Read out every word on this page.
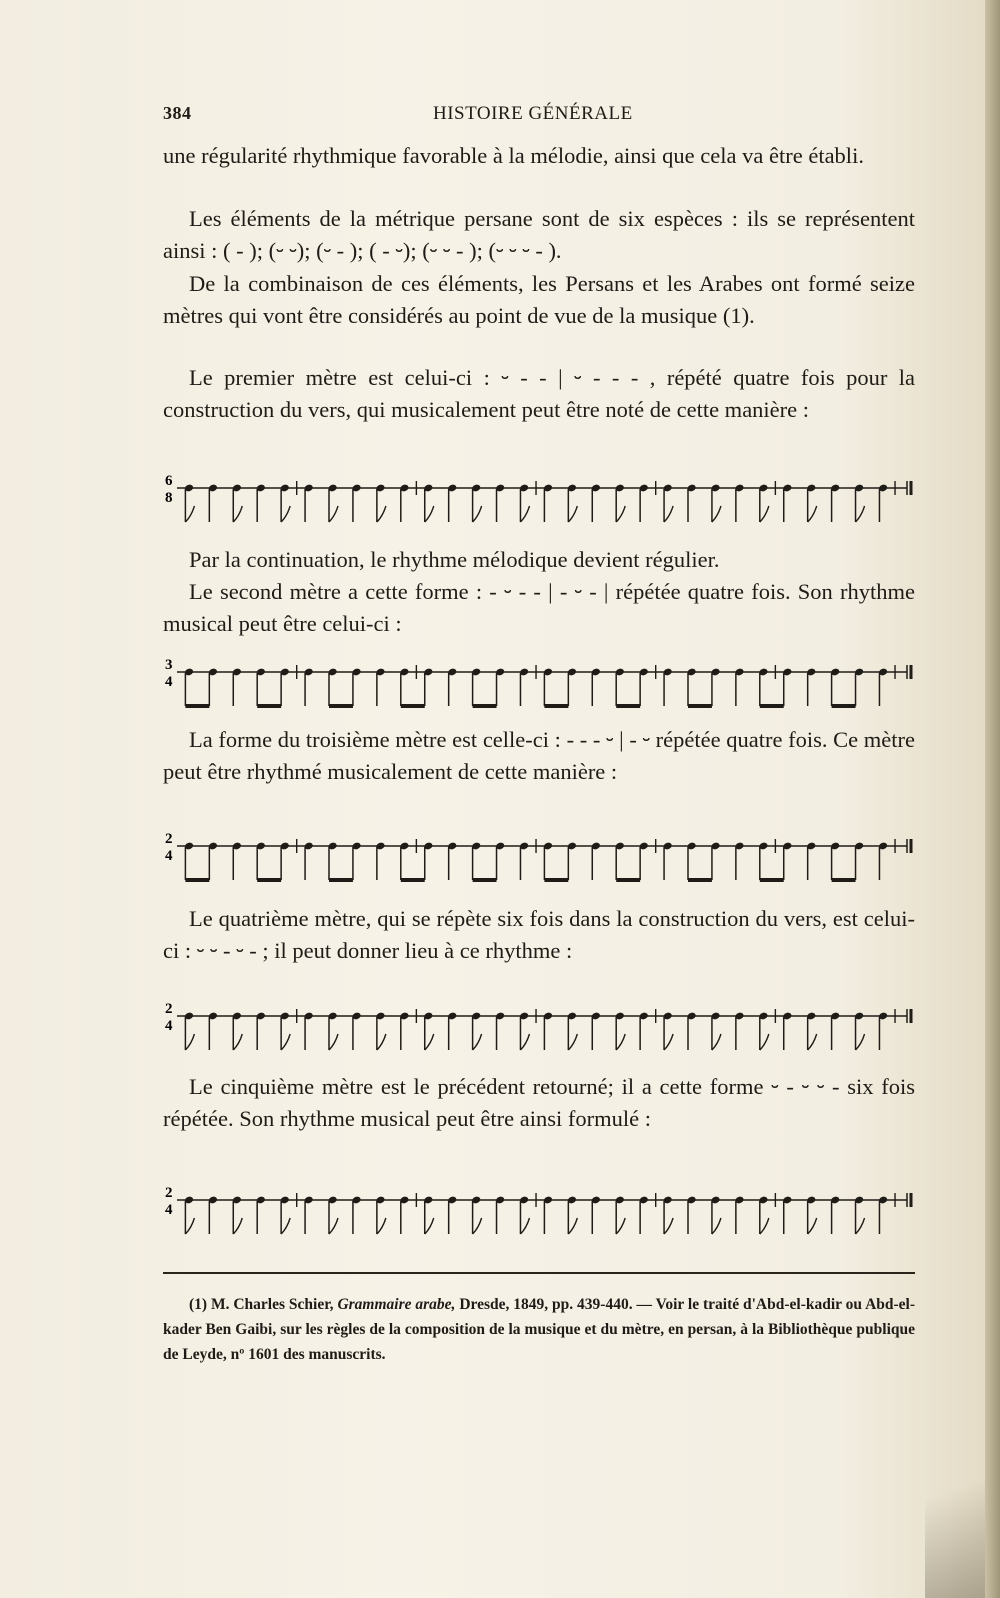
384	HISTOIRE GÉNÉRALE

une régularité rhythmique favorable à la mélodie, ainsi que cela va être établi.

Les éléments de la métrique persane sont de six espèces : ils se représentent ainsi : ( - ); (⏑ ⏑); (⏑ - ); ( - ⏑); (⏑ ⏑ - ); (⏑ ⏑ ⏑ - ).

De la combinaison de ces éléments, les Persans et les Arabes ont formé seize mètres qui vont être considérés au point de vue de la musique (1).

Le premier mètre est celui-ci : ⏑ - - | ⏑ - - - , répété quatre fois pour la construction du vers, qui musicalement peut être noté de cette manière :

6
8

Par la continuation, le rhythme mélodique devient régulier.

Le second mètre a cette forme : - ⏑ - - | - ⏑ - | répétée quatre fois. Son rhythme musical peut être celui-ci :

3
4

La forme du troisième mètre est celle-ci : - - - ⏑ | - ⏑ répétée quatre fois. Ce mètre peut être rhythmé musicalement de cette manière :

2
4

Le quatrième mètre, qui se répète six fois dans la construction du vers, est celui-ci : ⏑ ⏑ - ⏑ - ; il peut donner lieu à ce rhythme :

2
4

Le cinquième mètre est le précédent retourné; il a cette forme ⏑ - ⏑ ⏑ - six fois répétée. Son rhythme musical peut être ainsi formulé :

2
4

(1) M. Charles Schier, Grammaire arabe, Dresde, 1849, pp. 439-440. — Voir le traité d'Abd-el-kadir ou Abd-el-kader Ben Gaibi, sur les règles de la composition de la musique et du mètre, en persan, à la Bibliothèque publique de Leyde, nº 1601 des manuscrits.
